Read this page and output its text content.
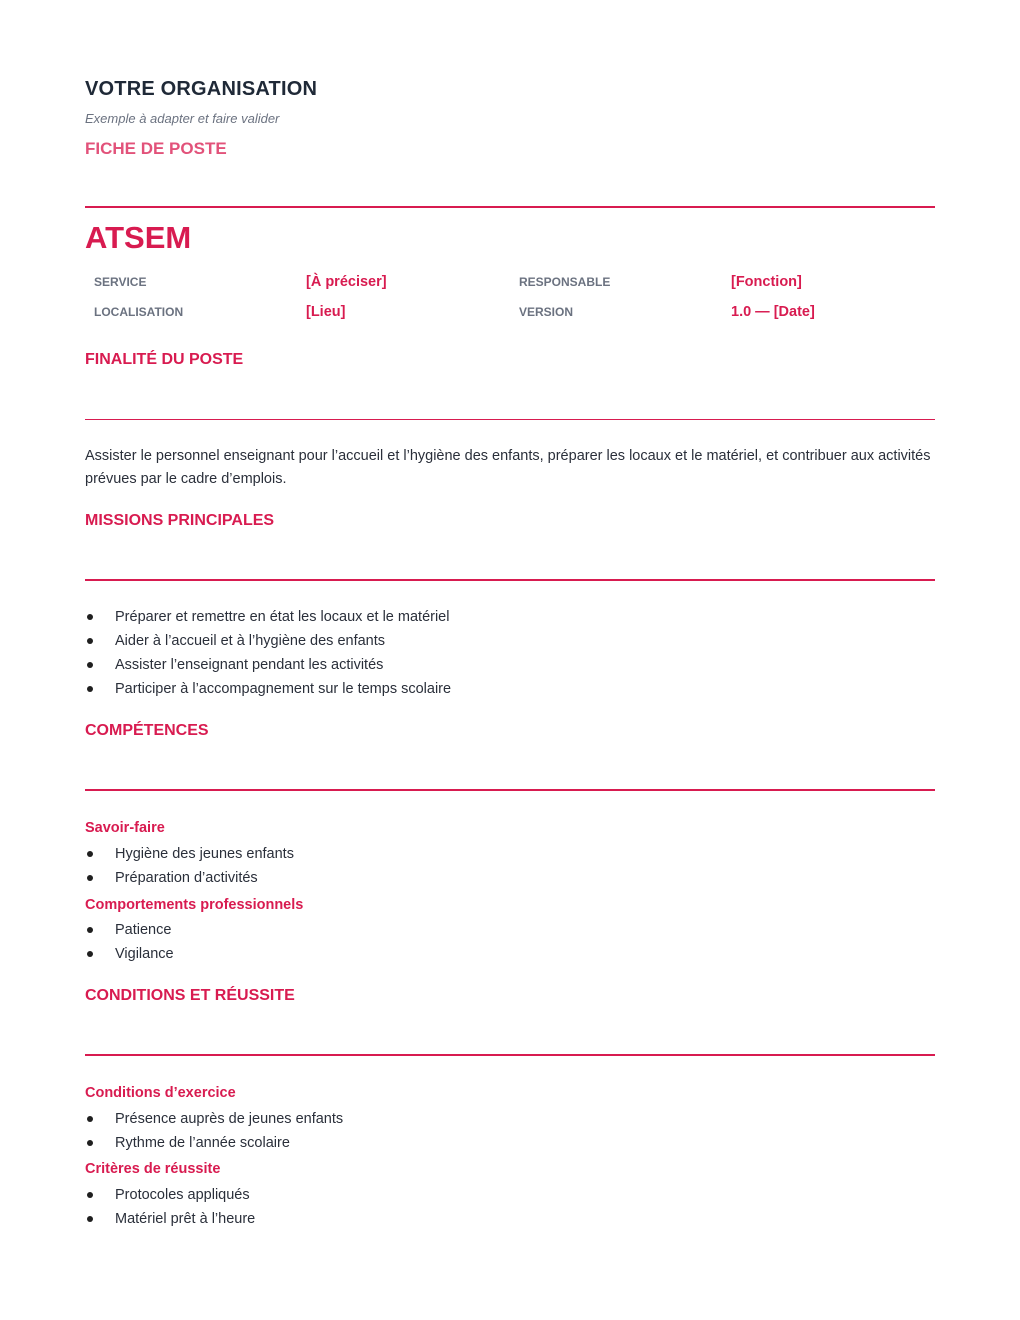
VOTRE ORGANISATION
Exemple à adapter et faire valider
FICHE DE POSTE
ATSEM
SERVICE	[À préciser]	RESPONSABLE	[Fonction]
LOCALISATION	[Lieu]	VERSION	1.0 — [Date]
FINALITÉ DU POSTE
Assister le personnel enseignant pour l’accueil et l’hygiène des enfants, préparer les locaux et le matériel, et contribuer aux activités prévues par le cadre d’emplois.
MISSIONS PRINCIPALES
Préparer et remettre en état les locaux et le matériel
Aider à l’accueil et à l’hygiène des enfants
Assister l’enseignant pendant les activités
Participer à l’accompagnement sur le temps scolaire
COMPÉTENCES
Savoir-faire
Hygiène des jeunes enfants
Préparation d’activités
Comportements professionnels
Patience
Vigilance
CONDITIONS ET RÉUSSITE
Conditions d’exercice
Présence auprès de jeunes enfants
Rythme de l’année scolaire
Critères de réussite
Protocoles appliqués
Matériel prêt à l’heure
